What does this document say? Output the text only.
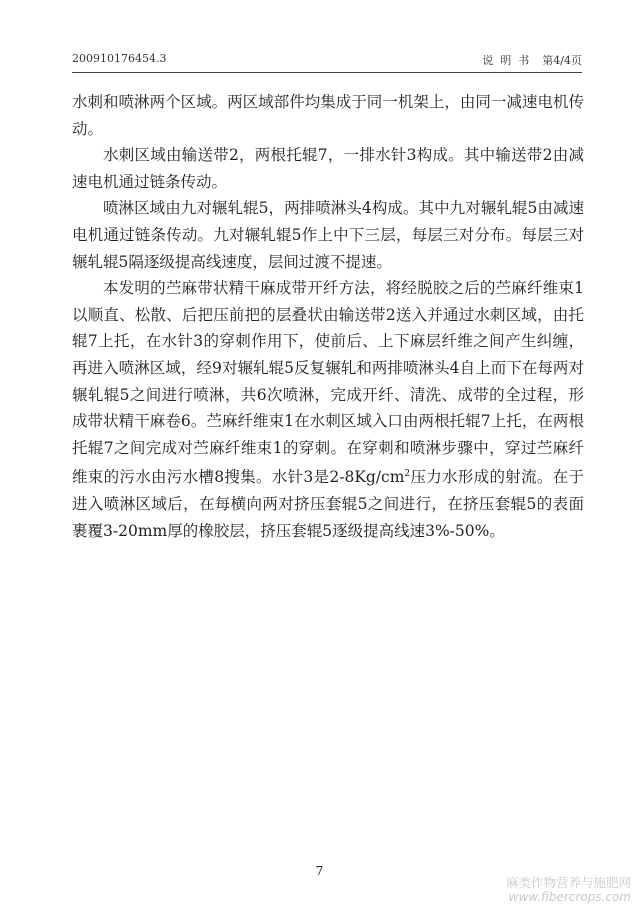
200910176454.3	说明书 第4/4页

水刺和喷淋两个区域。两区域部件均集成于同一机架上，由同一减速电机传动。

水刺区域由输送带2，两根托辊7，一排水针3构成。其中输送带2由减速电机通过链条传动。

喷淋区域由九对辗轧辊5，两排喷淋头4构成。其中九对辗轧辊5由减速电机通过链条传动。九对辗轧辊5作上中下三层，每层三对分布。每层三对辗轧辊5隔逐级提高线速度，层间过渡不提速。

本发明的苎麻带状精干麻成带开纤方法，将经脱胶之后的苎麻纤维束1以顺直、松散、后把压前把的层叠状由输送带2送入并通过水刺区域，由托辊7上托，在水针3的穿刺作用下，使前后、上下麻层纤维之间产生纠缠，再进入喷淋区域，经9对辗轧辊5反复辗轧和两排喷淋头4自上而下在每两对辗轧辊5之间进行喷淋，共6次喷淋，完成开纤、清洗、成带的全过程，形成带状精干麻卷6。苎麻纤维束1在水刺区域入口由两根托辊7上托，在两根托辊7之间完成对苎麻纤维束1的穿刺。在穿刺和喷淋步骤中，穿过苎麻纤维束的污水由污水槽8搜集。水针3是$2-8Kg/cm^2$压力水形成的射流。在于进入喷淋区域后，在每横向两对挤压套辊5之间进行，在挤压套辊5的表面裹覆3-20mm厚的橡胶层，挤压套辊5逐级提高线速3%-50%。

7
麻类作物营养与施肥网
www.fibercrops.com
